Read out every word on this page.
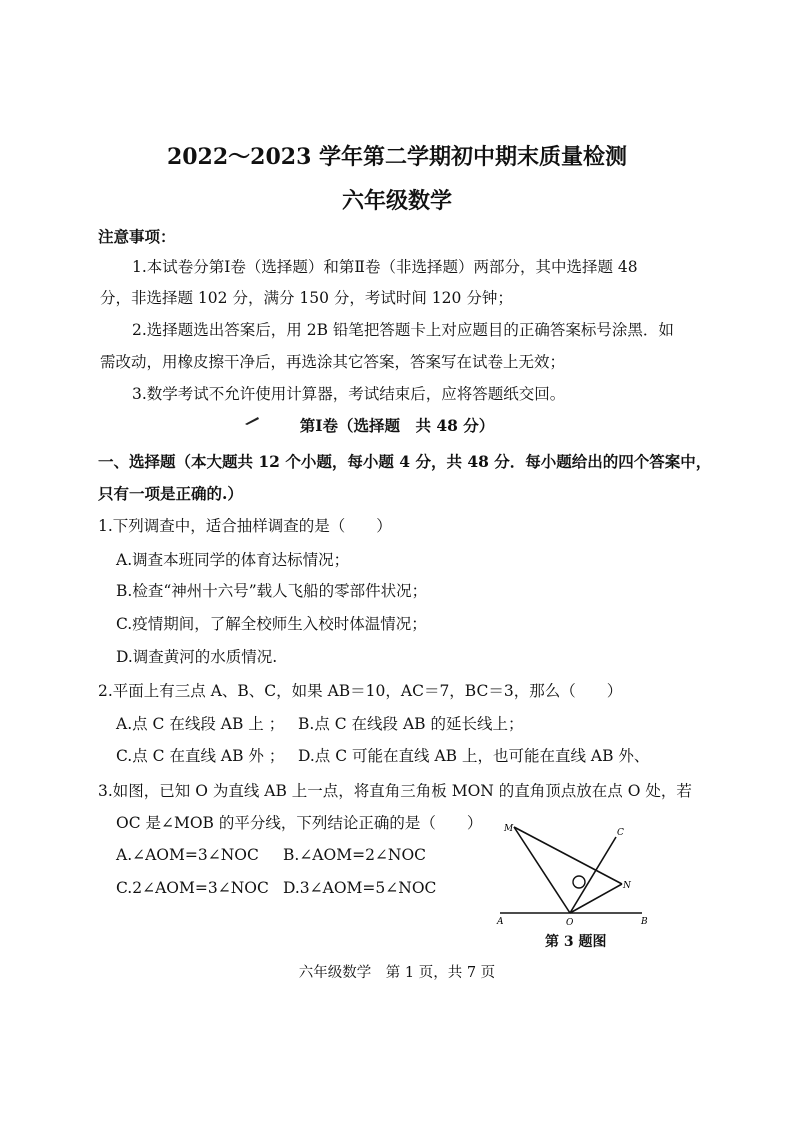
2022～2023 学年第二学期初中期末质量检测
六年级数学
注意事项：
1.本试卷分第Ⅰ卷（选择题）和第Ⅱ卷（非选择题）两部分，其中选择题 48
分，非选择题 102 分，满分 150 分，考试时间 120 分钟；
2.选择题选出答案后，用 2B 铅笔把答题卡上对应题目的正确答案标号涂黑．如
需改动，用橡皮擦干净后，再选涂其它答案，答案写在试卷上无效；
3.数学考试不允许使用计算器，考试结束后，应将答题纸交回。
第Ⅰ卷（选择题　共 48 分）
一、选择题（本大题共 12 个小题，每小题 4 分，共 48 分．每小题给出的四个答案中，
只有一项是正确的.）
1.下列调查中，适合抽样调查的是（　　）
A.调查本班同学的体育达标情况；
B.检查“神州十六号”载人飞船的零部件状况；
C.疫情期间，了解全校师生入校时体温情况；
D.调查黄河的水质情况.
2.平面上有三点 A、B、C，如果 AB＝10，AC＝7，BC＝3，那么（　　）
A.点 C 在线段 AB 上 ； B.点 C 在线段 AB 的延长线上；
C.点 C 在直线 AB 外 ； D.点 C 可能在直线 AB 上，也可能在直线 AB 外、
3.如图，已知 O 为直线 AB 上一点，将直角三角板 MON 的直角顶点放在点 O 处，若
OC 是∠MOB 的平分线，下列结论正确的是（　　）
A.∠AOM=3∠NOC B.∠AOM=2∠NOC
C.2∠AOM=3∠NOC D.3∠AOM=5∠NOC
M	C
N
A	O	B
第 3 题图
六年级数学　第 1 页，共 7 页
